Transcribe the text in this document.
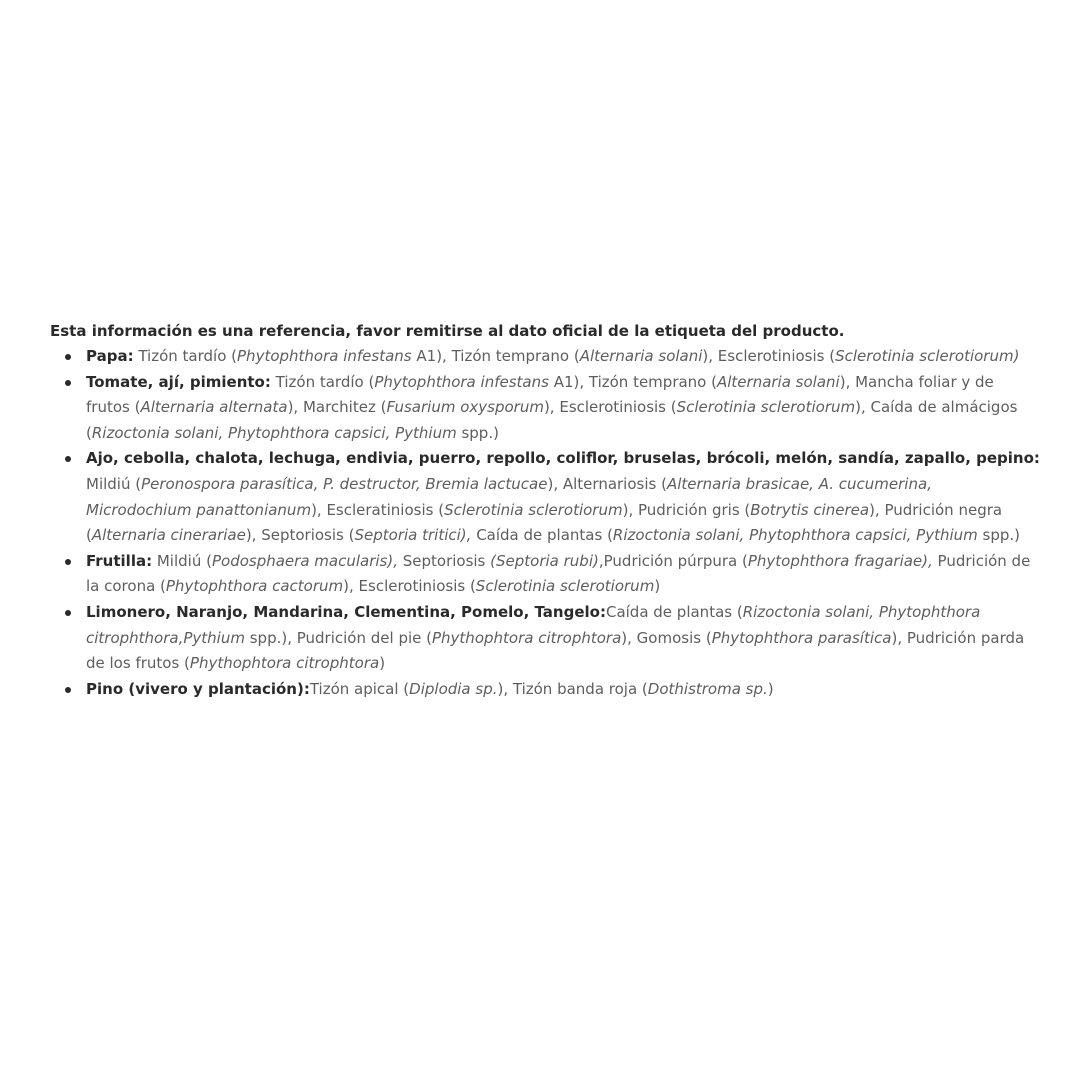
Esta información es una referencia, favor remitirse al dato oficial de la etiqueta del producto.

Papa: Tizón tardío (Phytophthora infestans A1), Tizón temprano (Alternaria solani), Esclerotiniosis (Sclerotinia sclerotiorum)
Tomate, ají, pimiento: Tizón tardío (Phytophthora infestans A1), Tizón temprano (Alternaria solani), Mancha foliar y de frutos (Alternaria alternata), Marchitez (Fusarium oxysporum), Esclerotiniosis (Sclerotinia sclerotiorum), Caída de almácigos (Rizoctonia solani, Phytophthora capsici, Pythium spp.)
Ajo, cebolla, chalota, lechuga, endivia, puerro, repollo, coliflor, bruselas, brócoli, melón, sandía, zapallo, pepino: Mildiú (Peronospora parasítica, P. destructor, Bremia lactucae), Alternariosis (Alternaria brasicae, A. cucumerina, Microdochium panattonianum), Escleratiniosis (Sclerotinia sclerotiorum), Pudrición gris (Botrytis cinerea), Pudrición negra (Alternaria cinerariae), Septoriosis (Septoria tritici), Caída de plantas (Rizoctonia solani, Phytophthora capsici, Pythium spp.)
Frutilla: Mildiú (Podosphaera macularis), Septoriosis (Septoria rubi),Pudrición púrpura (Phytophthora fragariae), Pudrición de la corona (Phytophthora cactorum), Esclerotiniosis (Sclerotinia sclerotiorum)
Limonero, Naranjo, Mandarina, Clementina, Pomelo, Tangelo:Caída de plantas (Rizoctonia solani, Phytophthora citrophthora,Pythium spp.), Pudrición del pie (Phythophtora citrophtora), Gomosis (Phytophthora parasítica), Pudrición parda de los frutos (Phythophtora citrophtora)
Pino (vivero y plantación):Tizón apical (Diplodia sp.), Tizón banda roja (Dothistroma sp.)
